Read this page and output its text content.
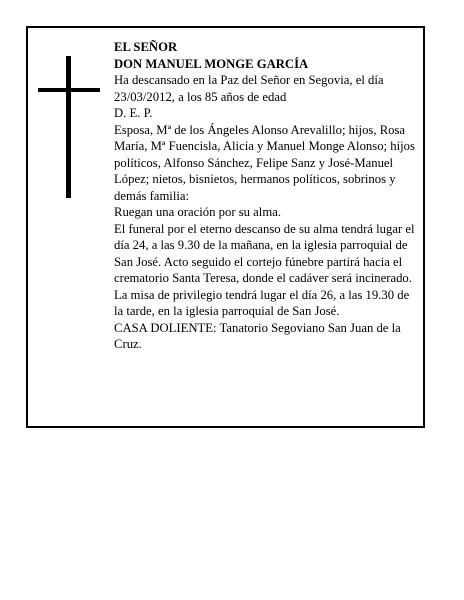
EL SEÑOR

DON MANUEL MONGE GARCÍA

Ha descansado en la Paz del Señor en Segovia, el día 23/03/2012, a los 85 años de edad

D. E. P.

Esposa, Mª de los Ángeles Alonso Arevalillo; hijos, Rosa María, Mª Fuencisla, Alicia y Manuel Monge Alonso; hijos políticos, Alfonso Sánchez, Felipe Sanz y José-Manuel López; nietos, bisnietos, hermanos políticos, sobrinos y demás familia:

Ruegan una oración por su alma.

El funeral por el eterno descanso de su alma tendrá lugar el día 24, a las 9.30 de la mañana, en la iglesia parroquial de San José. Acto seguido el cortejo fúnebre partirá hacia el crematorio Santa Teresa, donde el cadáver será incinerado. La misa de privilegio tendrá lugar el día 26, a las 19.30 de la tarde, en la iglesia parroquial de San José.

CASA DOLIENTE: Tanatorio Segoviano San Juan de la Cruz.
